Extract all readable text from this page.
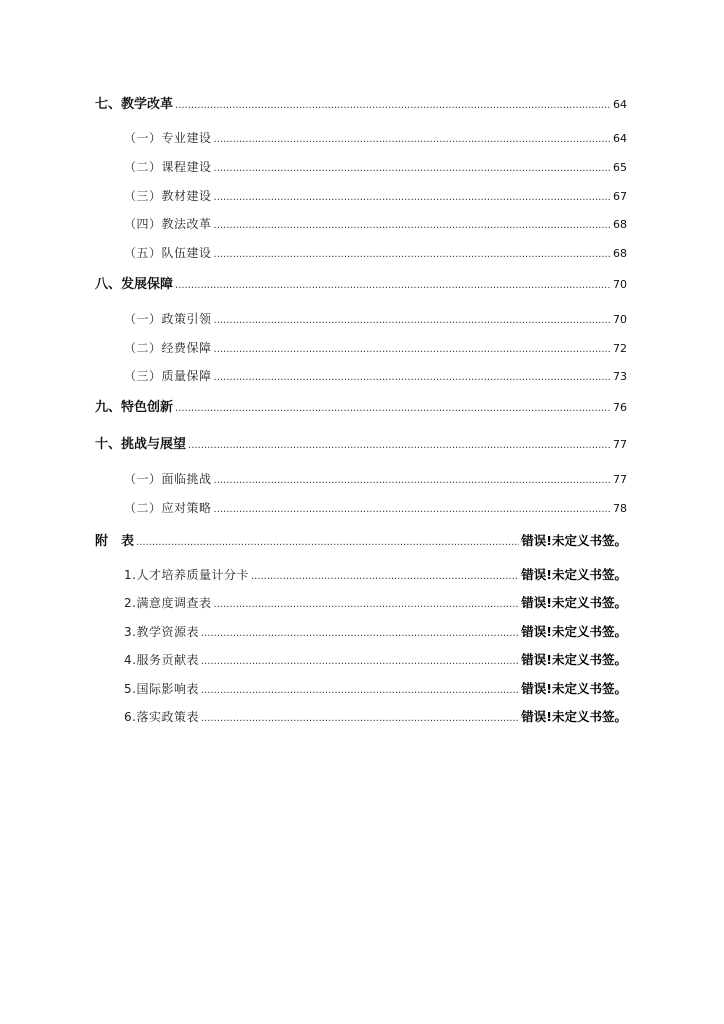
七、教学改革 .....	64
（一）专业建设 .....	64
（二）课程建设 .....	65
（三）教材建设 .....	67
（四）教法改革 .....	68
（五）队伍建设 .....	68
八、发展保障 .....	70
（一）政策引领 .....	70
（二）经费保障 .....	72
（三）质量保障 .....	73
九、特色创新 .....	76
十、挑战与展望 .....	77
（一）面临挑战 .....	77
（二）应对策略 .....	78
附　表 .....	错误!未定义书签。
1.人才培养质量计分卡 .....	错误!未定义书签。
2.满意度调查表 .....	错误!未定义书签。
3.教学资源表 .....	错误!未定义书签。
4.服务贡献表 .....	错误!未定义书签。
5.国际影响表 .....	错误!未定义书签。
6.落实政策表 .....	错误!未定义书签。
